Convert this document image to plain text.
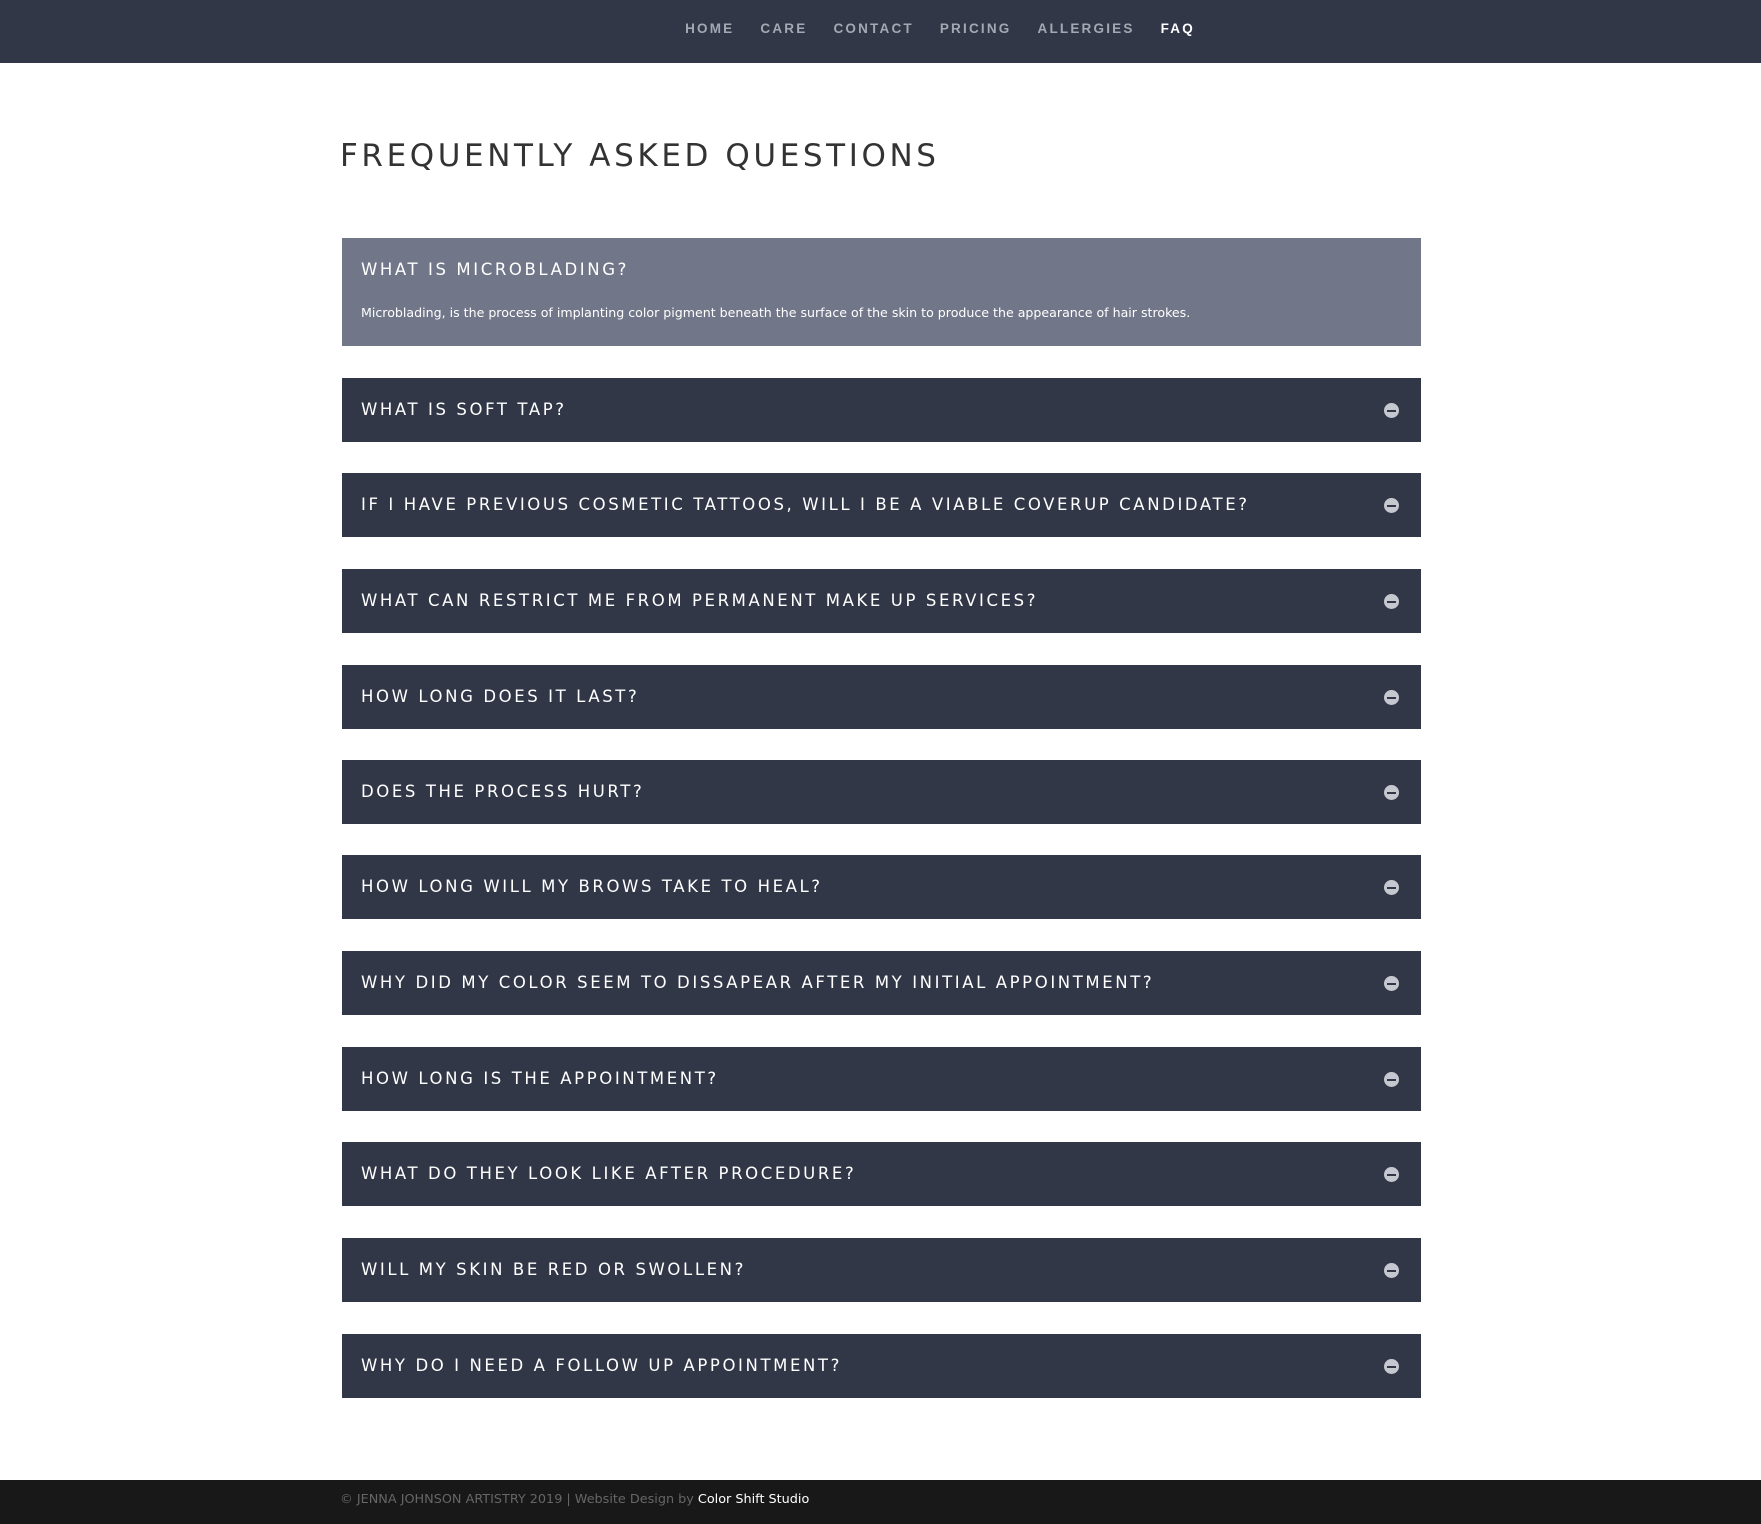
HOME CARE CONTACT PRICING ALLERGIES FAQ
FREQUENTLY ASKED QUESTIONS
WHAT IS MICROBLADING?
Microblading, is the process of implanting color pigment beneath the surface of the skin to produce the appearance of hair strokes.
WHAT IS SOFT TAP?
IF I HAVE PREVIOUS COSMETIC TATTOOS, WILL I BE A VIABLE COVERUP CANDIDATE?
WHAT CAN RESTRICT ME FROM PERMANENT MAKE UP SERVICES?
HOW LONG DOES IT LAST?
DOES THE PROCESS HURT?
HOW LONG WILL MY BROWS TAKE TO HEAL?
WHY DID MY COLOR SEEM TO DISSAPEAR AFTER MY INITIAL APPOINTMENT?
HOW LONG IS THE APPOINTMENT?
WHAT DO THEY LOOK LIKE AFTER PROCEDURE?
WILL MY SKIN BE RED OR SWOLLEN?
WHY DO I NEED A FOLLOW UP APPOINTMENT?
© JENNA JOHNSON ARTISTRY 2019 | Website Design by Color Shift Studio
